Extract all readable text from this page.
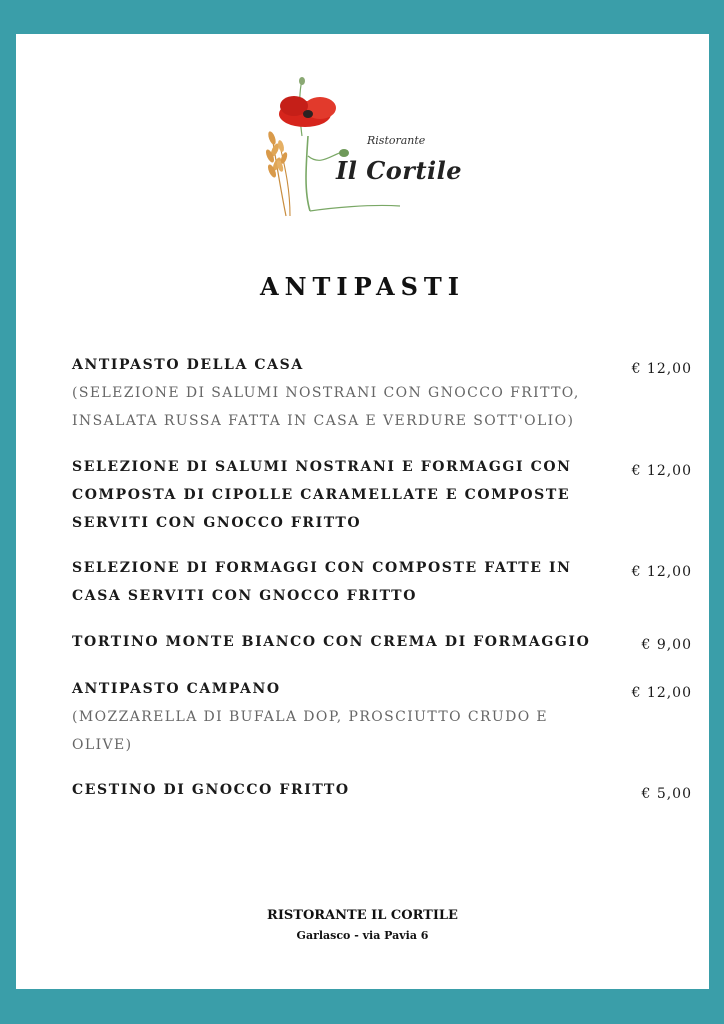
Ristorante
Il Cortile
ANTIPASTI
ANTIPASTO DELLA CASA
(SELEZIONE DI SALUMI NOSTRANI CON GNOCCO FRITTO, INSALATA RUSSA FATTA IN CASA E VERDURE SOTT'OLIO)
€ 12,00
SELEZIONE DI SALUMI NOSTRANI E FORMAGGI CON COMPOSTA DI CIPOLLE CARAMELLATE E COMPOSTE SERVITI CON GNOCCO FRITTO
€ 12,00
SELEZIONE DI FORMAGGI CON COMPOSTE FATTE IN CASA SERVITI CON GNOCCO FRITTO
€ 12,00
TORTINO MONTE BIANCO CON CREMA DI FORMAGGIO	€ 9,00
ANTIPASTO CAMPANO
(MOZZARELLA DI BUFALA DOP, PROSCIUTTO CRUDO E OLIVE)
€ 12,00
CESTINO DI GNOCCO FRITTO	€ 5,00
RISTORANTE IL CORTILE
Garlasco - via Pavia 6
